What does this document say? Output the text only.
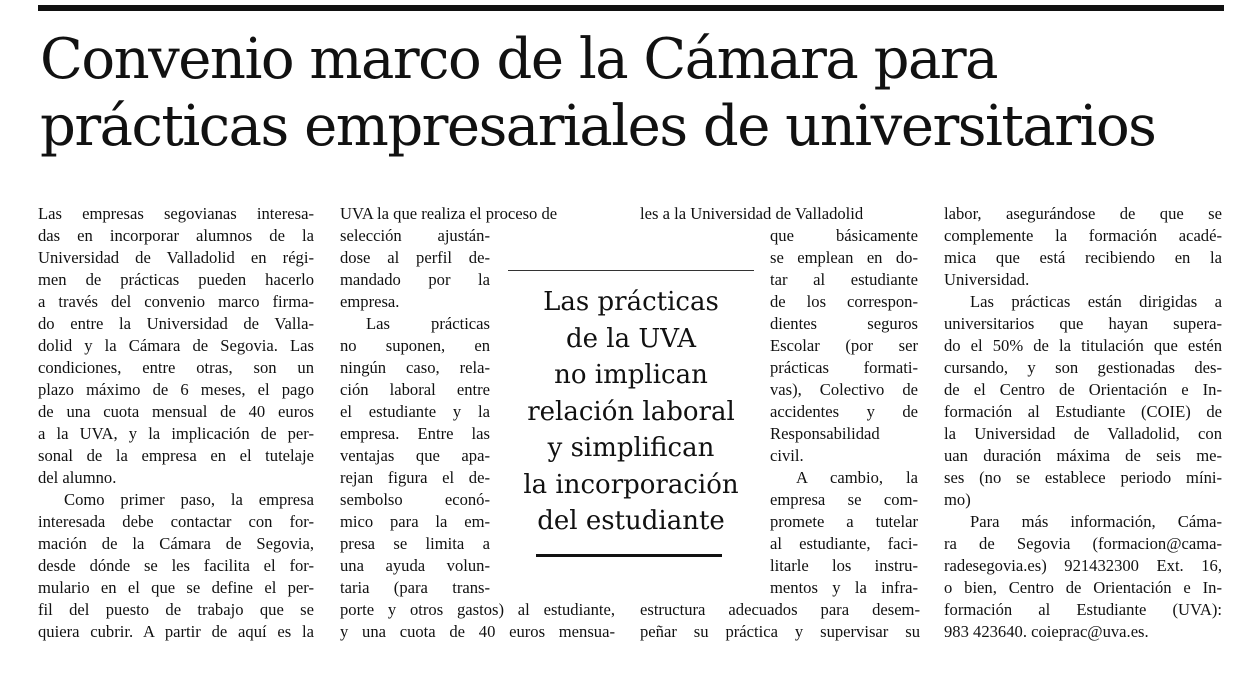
Convenio marco de la Cámara para
prácticas empresariales de universitarios
Las empresas segovianas interesa-
das en incorporar alumnos de la
Universidad de Valladolid en régi-
men de prácticas pueden hacerlo
a través del convenio marco firma-
do entre la Universidad de Valla-
dolid y la Cámara de Segovia. Las
condiciones, entre otras, son un
plazo máximo de 6 meses, el pago
de una cuota mensual de 40 euros
a la UVA, y la implicación de per-
sonal de la empresa en el tutelaje
del alumno.
Como primer paso, la empresa
interesada debe contactar con for-
mación de la Cámara de Segovia,
desde dónde se les facilita el for-
mulario en el que se define el per-
fil del puesto de trabajo que se
quiera cubrir. A partir de aquí es la
UVA la que realiza el proceso de
selección ajustán-
dose al perfil de-
mandado por la
empresa.
Las prácticas
no suponen, en
ningún caso, rela-
ción laboral entre
el estudiante y la
empresa. Entre las
ventajas que apa-
rejan figura el de-
sembolso econó-
mico para la em-
presa se limita a
una ayuda volun-
taria (para trans-
porte y otros gastos) al estudiante,
y una cuota de 40 euros mensua-
Las prácticas
de la UVA
no implican
relación laboral
y simplifican
la incorporación
del estudiante
les a la Universidad de Valladolid
que básicamente
se emplean en do-
tar al estudiante
de los correspon-
dientes seguros
Escolar (por ser
prácticas formati-
vas), Colectivo de
accidentes y de
Responsabilidad
civil.
A cambio, la
empresa se com-
promete a tutelar
al estudiante, faci-
litarle los instru-
mentos y la infra-
estructura adecuados para desem-
peñar su práctica y supervisar su
labor, asegurándose de que se
complemente la formación acadé-
mica que está recibiendo en la
Universidad.
Las prácticas están dirigidas a
universitarios que hayan supera-
do el 50% de la titulación que estén
cursando, y son gestionadas des-
de el Centro de Orientación e In-
formación al Estudiante (COIE) de
la Universidad de Valladolid, con
uan duración máxima de seis me-
ses (no se establece periodo míni-
mo)
Para más información, Cáma-
ra de Segovia (formacion@cama-
radesegovia.es) 921432300 Ext. 16,
o bien, Centro de Orientación e In-
formación al Estudiante (UVA):
983 423640. coieprac@uva.es.
